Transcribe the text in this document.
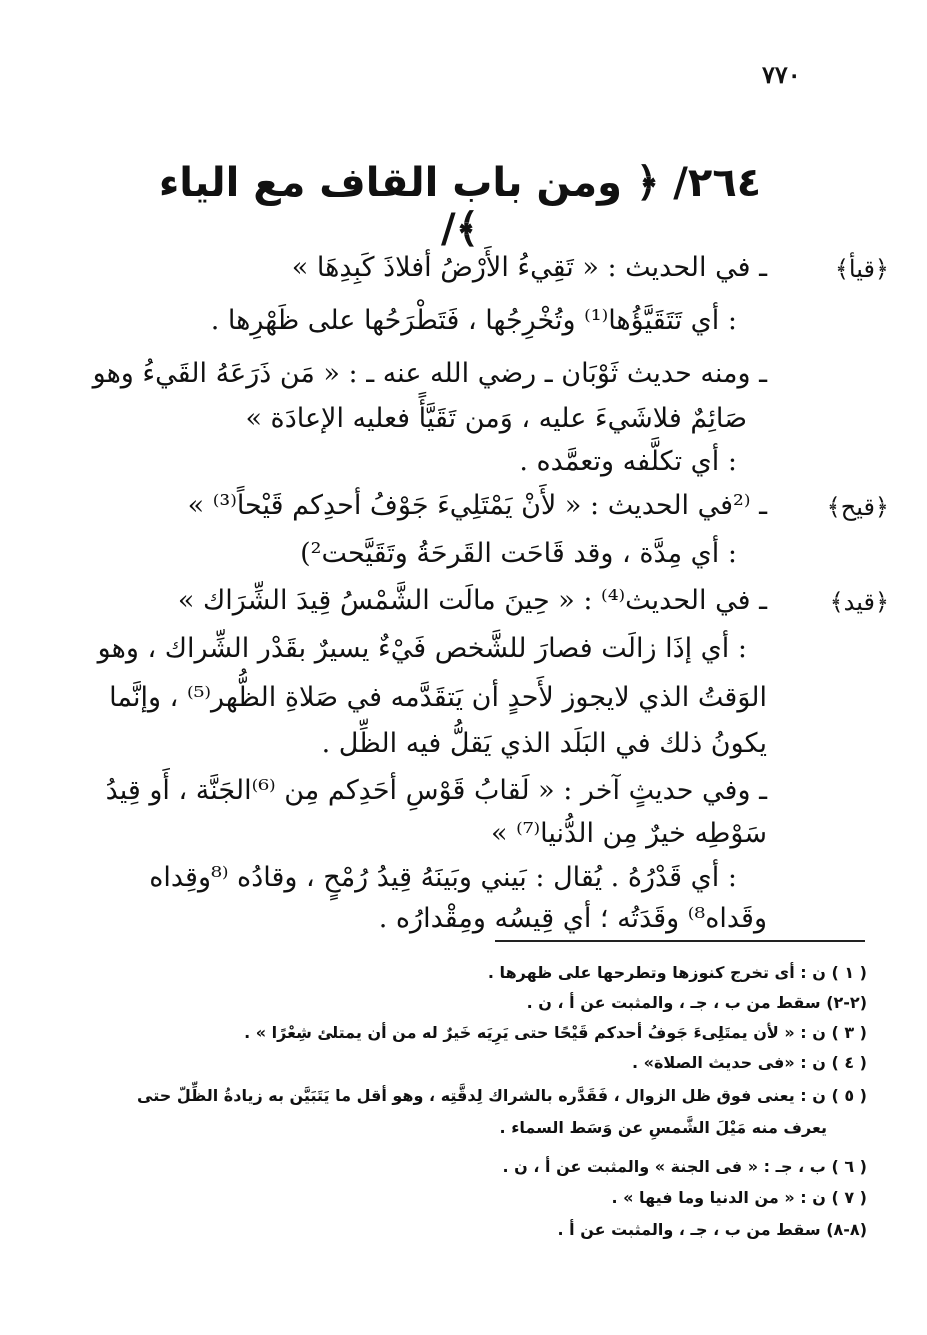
٧٧٠
٢٦٤/ ﴿ ومن باب القاف مع الياء ﴾/
﴿قيأ﴾
ـ في الحديث : « تَقِيءُ الأَرْضُ أفلاذَ كَبِدِهَا »
: أي تَتَقَيَّؤُها⁽¹⁾ وتُخْرِجُها ، فَتَطْرَحُها على ظَهْرِها .
ـ ومنه حديث ثَوْبَان ـ رضي الله عنه ـ : « مَن ذَرَعَهُ القَيءُ وهو
صَائِمٌ فلاشَيءَ عليه ، وَمن تَقَيَّأً فعليه الإعادَة »
: أي تكلَّفه وتعمَّده .
﴿قيح﴾
ـ ⁽²في الحديث : « لأَنْ يَمْتَلِيءَ جَوْفُ أحدِكم قَيْحاً⁽³⁾ »
: أي مِدَّة ، وقد قَاحَت القَرحَةُ وتَقَيَّحت²)
﴿قيد﴾
ـ في الحديث⁽⁴⁾ : « حِينَ مالَت الشَّمْسُ قِيدَ الشِّرَاك »
: أي إذَا زالَت فصارَ للشَّخص فَيْءٌ يسيرٌ بقَدْر الشِّراك ، وهو
الوَقتُ الذي لايجوز لأَحدٍ أن يَتقَدَّمه في صَلاةِ الظُّهر⁽⁵⁾ ، وإنَّما
يكونُ ذلك في البَلَد الذي يَقلُّ فيه الظِّل .
ـ وفي حديثٍ آخر : « لَقابُ قَوْسِ أحَدِكم مِن ⁽⁶⁾الجَنَّة ، أَو قِيدُ
سَوْطِه خيرٌ مِن الدُّنيا⁽⁷⁾ »
: أي قَدْرُهُ . يُقال : بَيني وبَينَهُ قِيدُ رُمْحٍ ، وقادُه ⁽⁸وقِداه
وقَداه⁸⁾ وقَدَتُه ؛ أي قِيسُه ومِقْدارُه .
( ١ ) ن : أى تخرج كنوزها وتطرحها على ظهرها .
(٢-٢) سقط من ب ، جـ ، والمثبت عن أ ، ن .
( ٣ ) ن : « لأن يمتَلِىءَ جَوفُ أحدكم قَيْحًا حتى يَرِيَه خَيرٌ له من أن يمتلئ شِعْرًا » .
( ٤ ) ن : «فى حديث الصلاة» .
( ٥ ) ن : يعنى فوق ظل الزوال ، فَقَدَّره بالشراك لِدقَّتِه ، وهو أقل ما يَتَبَيَّن به زيادةُ الظِّلّ حتى
يعرف منه مَيْلَ الشَّمسِ عن وَسَط السماء .
( ٦ ) ب ، جـ : « فى الجنة » والمثبت عن أ ، ن .
( ٧ ) ن : « من الدنيا وما فيها » .
(٨-٨) سقط من ب ، جـ ، والمثبت عن أ .
